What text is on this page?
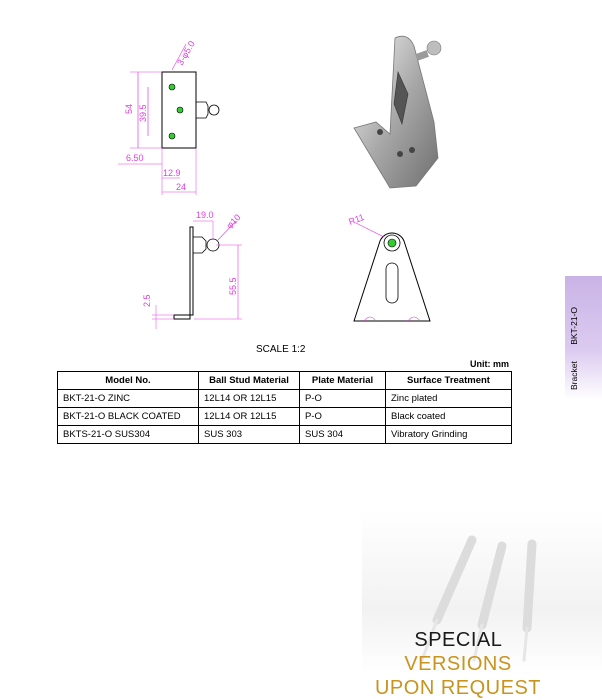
3-φ5.0
54 39.5
6.50
12.9
24
19.0 φ10
2.5
55.5
R11
SCALE 1:2
Unit: mm
Model No.	Ball Stud Material	Plate Material	Surface Treatment
BKT-21-O ZINC	12L14 OR 12L15	P-O	Zinc plated
BKT-21-O BLACK COATED	12L14 OR 12L15	P-O	Black coated
BKTS-21-O SUS304	SUS 303	SUS 304	Vibratory Grinding
Bracket BKT-21-O
SPECIAL VERSIONS
UPON REQUEST
